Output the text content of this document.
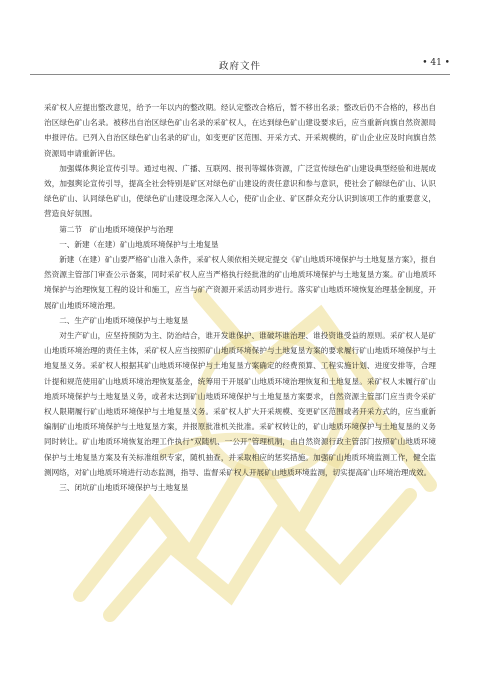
政府文件	• 41 •

采矿权人应提出整改意见，给予一年以内的整改期。经认定整改合格后，暂不移出名录；整改后仍不合格的，移出自治区绿色矿山名录。被移出自治区绿色矿山名录的采矿权人，在达到绿色矿山建设要求后，应当重新向旗自然资源局申报评估。已列入自治区绿色矿山名录的矿山，如变更矿区范围、开采方式、开采规模的，矿山企业应及时向旗自然资源局申请重新评估。

加强媒体舆论宣传引导。通过电视、广播、互联网、报刊等媒体资源，广泛宣传绿色矿山建设典型经验和进展成效，加强舆论宣传引导，提高全社会特别是矿区对绿色矿山建设的责任意识和参与意识，使社会了解绿色矿山、认识绿色矿山、认同绿色矿山，使绿色矿山建设理念深入人心，使矿山企业、矿区群众充分认识到该项工作的重要意义，营造良好氛围。

第二节　矿山地质环境保护与治理

一、新建（在建）矿山地质环境保护与土地复垦

新建（在建）矿山要严格矿山准入条件，采矿权人须依相关规定提交《矿山地质环境保护与土地复垦方案》，报自然资源主管部门审查公示备案，同时采矿权人应当严格执行经批准的矿山地质环境保护与土地复垦方案。矿山地质环境保护与治理恢复工程的设计和施工，应当与矿产资源开采活动同步进行。落实矿山地质环境恢复治理基金制度，开展矿山地质环境治理。

二、生产矿山地质环境保护与土地复垦

对生产矿山，应坚持预防为主、防治结合，谁开发谁保护、谁破坏谁治理、谁投资谁受益的原则。采矿权人是矿山地质环境治理的责任主体，采矿权人应当按照矿山地质环境保护与土地复垦方案的要求履行矿山地质环境保护与土地复垦义务。采矿权人根据其矿山地质环境保护与土地复垦方案确定的经费预算、工程实施计划、进度安排等，合理计提和规范使用矿山地质环境治理恢复基金，统筹用于开展矿山地质环境治理恢复和土地复垦。采矿权人未履行矿山地质环境保护与土地复垦义务，或者未达到矿山地质环境保护与土地复垦方案要求，自然资源主管部门应当责令采矿权人限期履行矿山地质环境保护与土地复垦义务。采矿权人扩大开采规模、变更矿区范围或者开采方式的，应当重新编制矿山地质环境保护与土地复垦方案，并报原批准机关批准。采矿权转让的，矿山地质环境保护与土地复垦的义务同时转让。矿山地质环境恢复治理工作执行“双随机、一公开”管理机制，由自然资源行政主管部门按照矿山地质环境保护与土地复垦方案及有关标准组织专家，随机抽查，并采取相应的惩奖措施。加强矿山地质环境监测工作，健全监测网络，对矿山地质环境进行动态监测，指导、监督采矿权人开展矿山地质环境监测，切实提高矿山环境治理成效。

三、闭坑矿山地质环境保护与土地复垦
